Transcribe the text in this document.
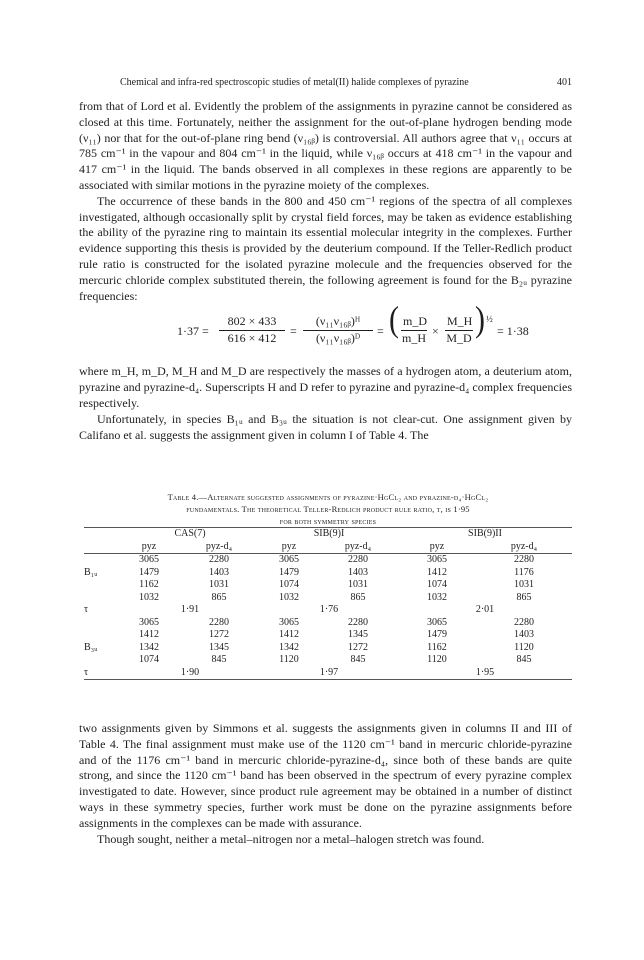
Chemical and infra-red spectroscopic studies of metal(II) halide complexes of pyrazine	401

from that of Lord et al. Evidently the problem of the assignments in pyrazine cannot be considered as closed at this time. Fortunately, neither the assignment for the out-of-plane hydrogen bending mode (ν₁₁) nor that for the out-of-plane ring bend (ν₁₆ᵦ) is controversial. All authors agree that ν₁₁ occurs at 785 cm⁻¹ in the vapour and 804 cm⁻¹ in the liquid, while ν₁₆ᵦ occurs at 418 cm⁻¹ in the vapour and 417 cm⁻¹ in the liquid. The bands observed in all complexes in these regions are apparently to be associated with similar motions in the pyrazine moiety of the complexes.

The occurrence of these bands in the 800 and 450 cm⁻¹ regions of the spectra of all complexes investigated, although occasionally split by crystal field forces, may be taken as evidence establishing the ability of the pyrazine ring to maintain its essential molecular integrity in the complexes. Further evidence supporting this thesis is provided by the deuterium compound. If the Teller-Redlich product rule ratio is constructed for the isolated pyrazine molecule and the frequencies observed for the mercuric chloride complex substituted therein, the following agreement is found for the B₂ᵤ pyrazine frequencies:

$1\cdot 37 = \frac{802 \times 433}{616 \times 412} = \frac{\text{(ν₁₁ν₁₆ᵦ)ᴴ}}{\text{(ν₁₁ν₁₆ᵦ)ᴰ}}$ = ( $\frac{m\_D}{m\_H} \times \frac{M\_H}{M\_D}$ ) ½
= 1·38

where m_H, m_D, M_H and M_D are respectively the masses of a hydrogen atom, a deuterium atom, pyrazine and pyrazine-d₄. Superscripts H and D refer to pyrazine and pyrazine-d₄ complex frequencies respectively.

Unfortunately, in species B₁ᵤ and B₃ᵤ the situation is not clear-cut. One assignment given by Califano et al. suggests the assignment given in column I of Table 4. The

Table 4.—Alternate suggested assignments of pyrazine·HgCl₂ and pyrazine-d₄·HgCl₂
fundamentals. The theoretical Teller-Redlich product rule ratio, τ, is 1·95
for both symmetry species
	CAS(7)		SIB(9)I		SIB(9)II	
	pyz	pyz-d₄	pyz	pyz-d₄	pyz	pyz-d₄
	3065	2280	3065	2280	3065	2280
B₁ᵤ	1479	1403	1479	1403	1412	1176
	1162	1031	1074	1031	1074	1031
	1032	865	1032	865	1032	865
τ	1·91		1·76		2·01	
	3065	2280	3065	2280	3065	2280
	1412	1272	1412	1345	1479	1403
B₃ᵤ	1342	1345	1342	1272	1162	1120
	1074	845	1120	845	1120	845
τ	1·90		1·97		1·95	

two assignments given by Simmons et al. suggests the assignments given in columns II and III of Table 4. The final assignment must make use of the 1120 cm⁻¹ band in mercuric chloride-pyrazine and of the 1176 cm⁻¹ band in mercuric chloride-pyrazine-d₄, since both of these bands are quite strong, and since the 1120 cm⁻¹ band has been observed in the spectrum of every pyrazine complex investigated to date. However, since product rule agreement may be obtained in a number of distinct ways in these symmetry species, further work must be done on the pyrazine assignments before assignments in the complexes can be made with assurance.

Though sought, neither a metal–nitrogen nor a metal–halogen stretch was found.
